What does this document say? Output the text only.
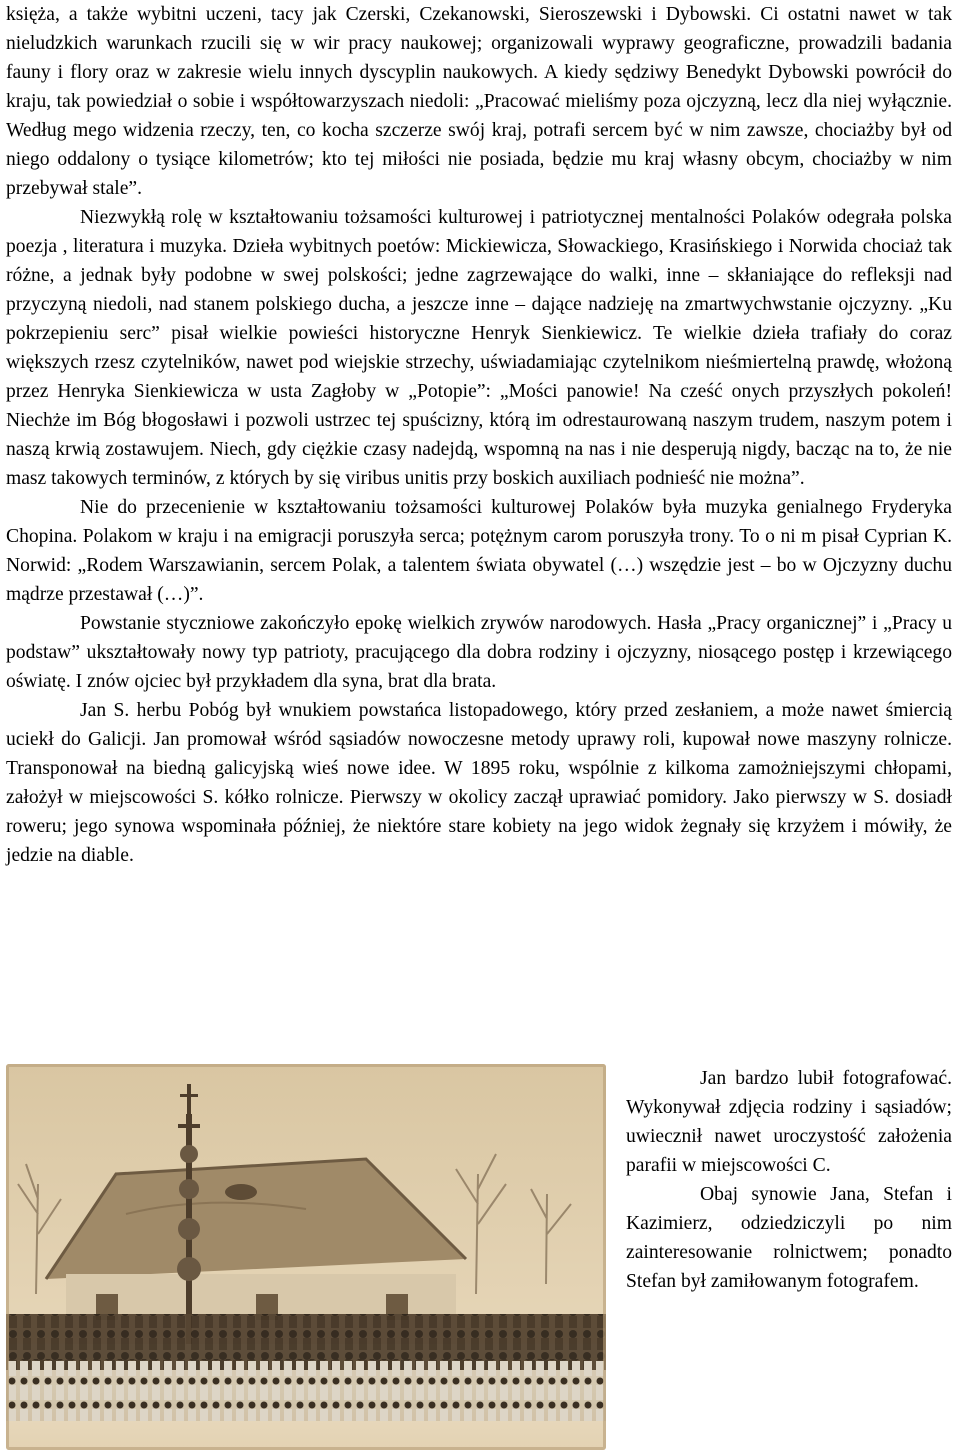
księża, a także wybitni uczeni, tacy jak Czerski, Czekanowski, Sieroszewski i Dybowski. Ci ostatni nawet w tak nieludzkich warunkach rzucili się w wir pracy naukowej; organizowali wyprawy geograficzne, prowadzili badania fauny i flory oraz w zakresie wielu innych dyscyplin naukowych. A kiedy sędziwy Benedykt Dybowski powrócił do kraju, tak powiedział o sobie i współtowarzyszach niedoli: „Pracować mieliśmy poza ojczyzną, lecz dla niej wyłącznie. Według mego widzenia rzeczy, ten, co kocha szczerze swój kraj, potrafi sercem być w nim zawsze, chociażby był od niego oddalony o tysiące kilometrów; kto tej miłości nie posiada, będzie mu kraj własny obcym, chociażby w nim przebywał stale”.

Niezwykłą rolę w kształtowaniu tożsamości kulturowej i patriotycznej mentalności Polaków odegrała polska poezja , literatura i muzyka. Dzieła wybitnych poetów: Mickiewicza, Słowackiego, Krasińskiego i Norwida chociaż tak różne, a jednak były podobne w swej polskości; jedne zagrzewające do walki, inne – skłaniające do refleksji nad przyczyną niedoli, nad stanem polskiego ducha, a jeszcze inne – dające nadzieję na zmartwychwstanie ojczyzny. „Ku pokrzepieniu serc” pisał wielkie powieści historyczne Henryk Sienkiewicz. Te wielkie dzieła trafiały do coraz większych rzesz czytelników, nawet pod wiejskie strzechy, uświadamiając czytelnikom nieśmiertelną prawdę, włożoną przez Henryka Sienkiewicza w usta Zagłoby w „Potopie”: „Mości panowie! Na cześć onych przyszłych pokoleń! Niechże im Bóg błogosławi i pozwoli ustrzec tej spuścizny, którą im odrestaurowaną naszym trudem, naszym potem i naszą krwią zostawujem. Niech, gdy ciężkie czasy nadejdą, wspomną na nas i nie desperują nigdy, bacząc na to, że nie masz takowych terminów, z których by się viribus unitis przy boskich auxiliach podnieść nie można”.

Nie do przecenienie w kształtowaniu tożsamości kulturowej Polaków była muzyka genialnego Fryderyka Chopina. Polakom w kraju i na emigracji poruszyła serca; potężnym carom poruszyła trony. To o ni m pisał Cyprian K. Norwid: „Rodem Warszawianin, sercem Polak, a talentem świata obywatel (…) wszędzie jest – bo w Ojczyzny duchu mądrze przestawał (…)”.

Powstanie styczniowe zakończyło epokę wielkich zrywów narodowych. Hasła „Pracy organicznej” i „Pracy u podstaw” ukształtowały nowy typ patrioty, pracującego dla dobra rodziny i ojczyzny, niosącego postęp i krzewiącego oświatę. I znów ojciec był przykładem dla syna, brat dla brata.

Jan S. herbu Pobóg był wnukiem powstańca listopadowego, który przed zesłaniem, a może nawet śmiercią uciekł do Galicji. Jan promował wśród sąsiadów nowoczesne metody uprawy roli, kupował nowe maszyny rolnicze. Transponował na biedną galicyjską wieś nowe idee. W 1895 roku, wspólnie z kilkoma zamożniejszymi chłopami, założył w miejscowości S. kółko rolnicze. Pierwszy w okolicy zaczął uprawiać pomidory. Jako pierwszy w S. dosiadł roweru; jego synowa wspominała później, że niektóre stare kobiety na jego widok żegnały się krzyżem i mówiły, że jedzie na diable.

Jan bardzo lubił fotografować. Wykonywał zdjęcia rodziny i sąsiadów; uwiecznił nawet uroczystość założenia parafii w miejscowości C.

Obaj synowie Jana, Stefan i Kazimierz, odziedziczyli po nim zainteresowanie rolnictwem; ponadto Stefan był zamiłowanym fotografem.
